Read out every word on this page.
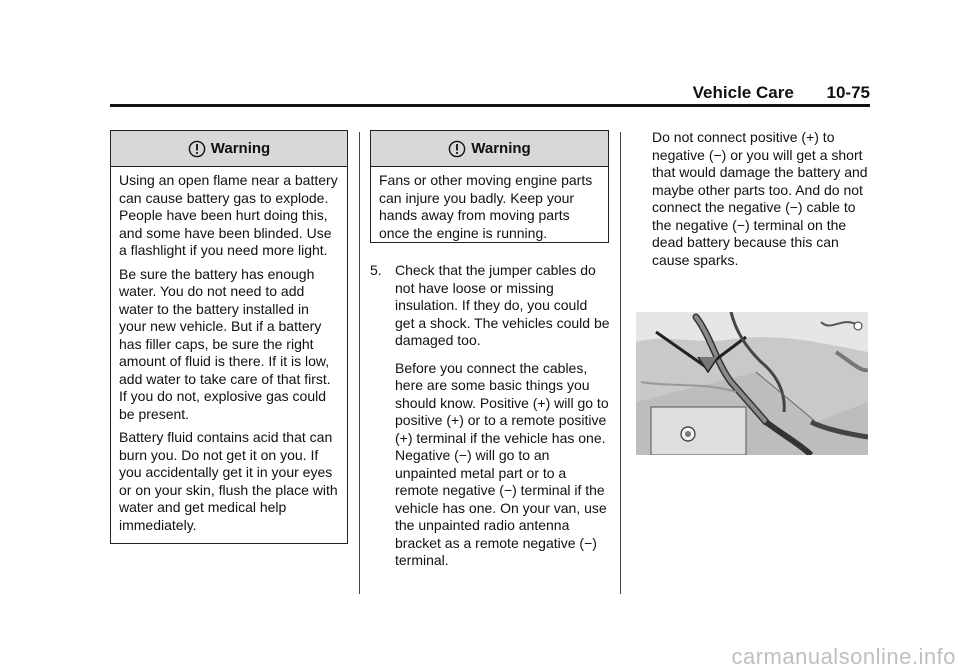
Vehicle Care 10-75
Warning

Using an open flame near a battery can cause battery gas to explode. People have been hurt doing this, and some have been blinded. Use a flashlight if you need more light.

Be sure the battery has enough water. You do not need to add water to the battery installed in your new vehicle. But if a battery has filler caps, be sure the right amount of fluid is there. If it is low, add water to take care of that first. If you do not, explosive gas could be present.

Battery fluid contains acid that can burn you. Do not get it on you. If you accidentally get it in your eyes or on your skin, flush the place with water and get medical help immediately.

Warning

Fans or other moving engine parts can injure you badly. Keep your hands away from moving parts once the engine is running.

5. Check that the jumper cables do not have loose or missing insulation. If they do, you could get a shock. The vehicles could be damaged too.

Before you connect the cables, here are some basic things you should know. Positive (+) will go to positive (+) or to a remote positive (+) terminal if the vehicle has one. Negative (−) will go to an unpainted metal part or to a remote negative (−) terminal if the vehicle has one. On your van, use the unpainted radio antenna bracket as a remote negative (−) terminal.

Do not connect positive (+) to negative (−) or you will get a short that would damage the battery and maybe other parts too. And do not connect the negative (−) cable to the negative (−) terminal on the dead battery because this can cause sparks.

carmanualsonline.info
